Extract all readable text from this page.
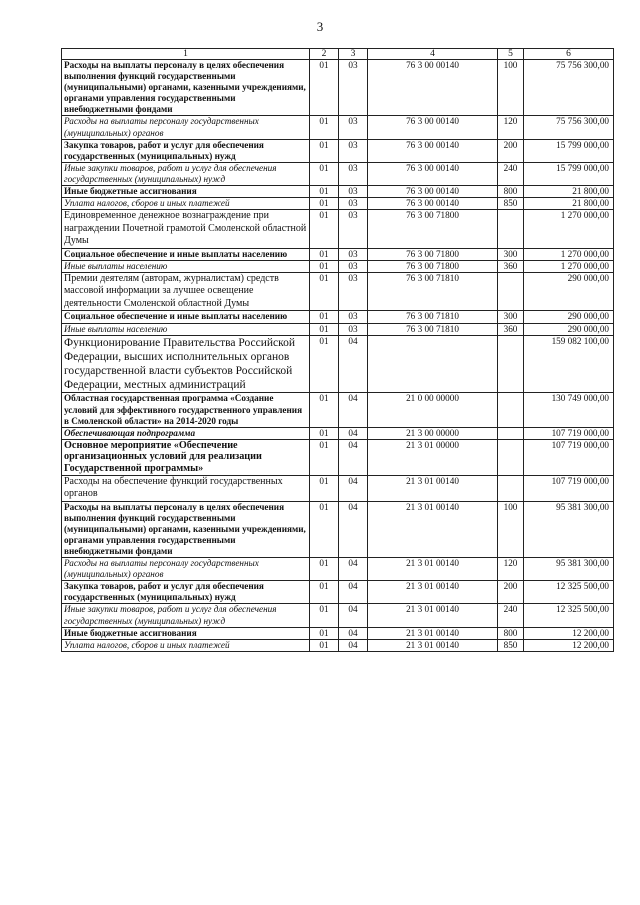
3
1	2	3	4	5	6
Расходы на выплаты персоналу в целях обеспечения выполнения функций государственными (муниципальными) органами, казенными учреждениями, органами управления государственными внебюджетными фондами	01	03	76 3 00 00140	100	75 756 300,00
Расходы на выплаты персоналу государственных (муниципальных) органов	01	03	76 3 00 00140	120	75 756 300,00
Закупка товаров, работ и услуг для обеспечения государственных (муниципальных) нужд	01	03	76 3 00 00140	200	15 799 000,00
Иные закупки товаров, работ и услуг для обеспечения государственных (муниципальных) нужд	01	03	76 3 00 00140	240	15 799 000,00
Иные бюджетные ассигнования	01	03	76 3 00 00140	800	21 800,00
Уплата налогов, сборов и иных платежей	01	03	76 3 00 00140	850	21 800,00
Единовременное денежное вознаграждение при награждении Почетной грамотой Смоленской областной Думы	01	03	76 3 00 71800		1 270 000,00
Социальное обеспечение и иные выплаты населению	01	03	76 3 00 71800	300	1 270 000,00
Иные выплаты населению	01	03	76 3 00 71800	360	1 270 000,00
Премии деятелям (авторам, журналистам) средств массовой информации за лучшее освещение деятельности Смоленской областной Думы	01	03	76 3 00 71810		290 000,00
Социальное обеспечение и иные выплаты населению	01	03	76 3 00 71810	300	290 000,00
Иные выплаты населению	01	03	76 3 00 71810	360	290 000,00
Функционирование Правительства Российской Федерации, высших исполнительных органов государственной власти субъектов Российской Федерации, местных администраций	01	04			159 082 100,00
Областная государственная программа «Создание условий для эффективного государственного управления в Смоленской области» на 2014-2020 годы	01	04	21 0 00 00000		130 749 000,00
Обеспечивающая подпрограмма	01	04	21 3 00 00000		107 719 000,00
Основное мероприятие «Обеспечение организационных условий для реализации Государственной программы»	01	04	21 3 01 00000		107 719 000,00
Расходы на обеспечение функций государственных органов	01	04	21 3 01 00140		107 719 000,00
Расходы на выплаты персоналу в целях обеспечения выполнения функций государственными (муниципальными) органами, казенными учреждениями, органами управления государственными внебюджетными фондами	01	04	21 3 01 00140	100	95 381 300,00
Расходы на выплаты персоналу государственных (муниципальных) органов	01	04	21 3 01 00140	120	95 381 300,00
Закупка товаров, работ и услуг для обеспечения государственных (муниципальных) нужд	01	04	21 3 01 00140	200	12 325 500,00
Иные закупки товаров, работ и услуг для обеспечения государственных (муниципальных) нужд	01	04	21 3 01 00140	240	12 325 500,00
Иные бюджетные ассигнования	01	04	21 3 01 00140	800	12 200,00
Уплата налогов, сборов и иных платежей	01	04	21 3 01 00140	850	12 200,00
